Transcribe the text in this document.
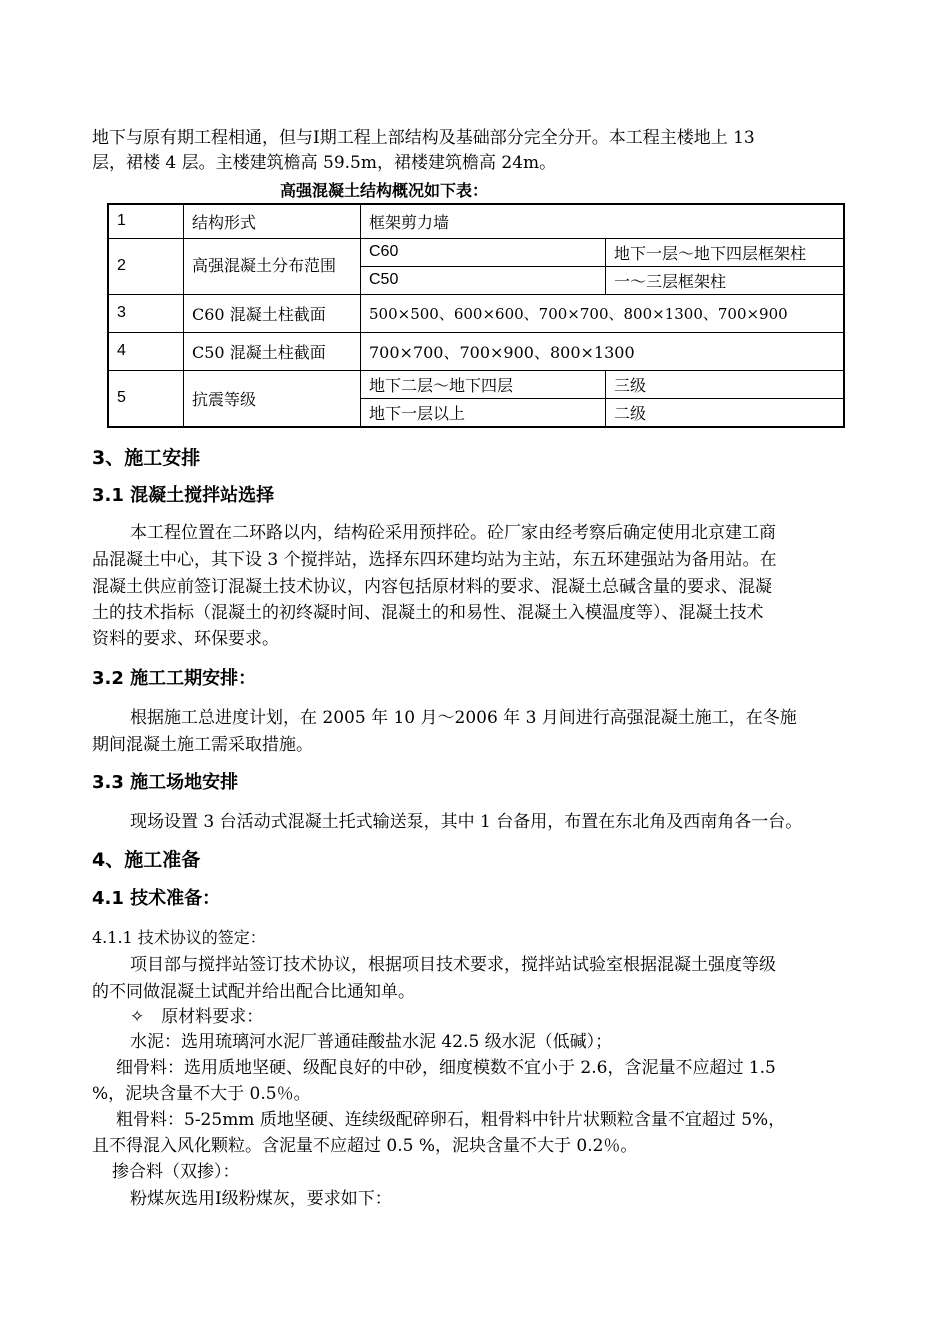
地下与原有期工程相通，但与Ⅰ期工程上部结构及基础部分完全分开。本工程主楼地上 13
层，裙楼 4 层。主楼建筑檐高 59.5m，裙楼建筑檐高 24m。
高强混凝土结构概况如下表：
1	结构形式	框架剪力墙	
2	高强混凝土分布范围	C60	地下一层～地下四层框架柱
		C50	一～三层框架柱
3	C60 混凝土柱截面	500×500、600×600、700×700、800×1300、700×900	
4	C50 混凝土柱截面	700×700、700×900、800×1300	
5	抗震等级	地下二层～地下四层	三级
		地下一层以上	二级
3、施工安排
3.1 混凝土搅拌站选择
本工程位置在二环路以内，结构砼采用预拌砼。砼厂家由经考察后确定使用北京建工商
品混凝土中心，其下设 3 个搅拌站，选择东四环建均站为主站，东五环建强站为备用站。在
混凝土供应前签订混凝土技术协议，内容包括原材料的要求、混凝土总碱含量的要求、混凝
土的技术指标（混凝土的初终凝时间、混凝土的和易性、混凝土入模温度等）、混凝土技术
资料的要求、环保要求。
3.2 施工工期安排：
根据施工总进度计划，在 2005 年 10 月～2006 年 3 月间进行高强混凝土施工，在冬施
期间混凝土施工需采取措施。
3.3 施工场地安排
现场设置 3 台活动式混凝土托式输送泵，其中 1 台备用，布置在东北角及西南角各一台。
4、施工准备
4.1 技术准备：
4.1.1 技术协议的签定：
项目部与搅拌站签订技术协议，根据项目技术要求，搅拌站试验室根据混凝土强度等级
的不同做混凝土试配并给出配合比通知单。
✧　原材料要求：
水泥：选用琉璃河水泥厂普通硅酸盐水泥 42.5 级水泥（低碱）；
细骨料：选用质地坚硬、级配良好的中砂，细度模数不宜小于 2.6，含泥量不应超过 1.5
%，泥块含量不大于 0.5％。
粗骨料：5-25mm 质地坚硬、连续级配碎卵石，粗骨料中针片状颗粒含量不宜超过 5%，
且不得混入风化颗粒。含泥量不应超过 0.5 %，泥块含量不大于 0.2％。
掺合料（双掺）：
粉煤灰选用Ⅰ级粉煤灰，要求如下：
